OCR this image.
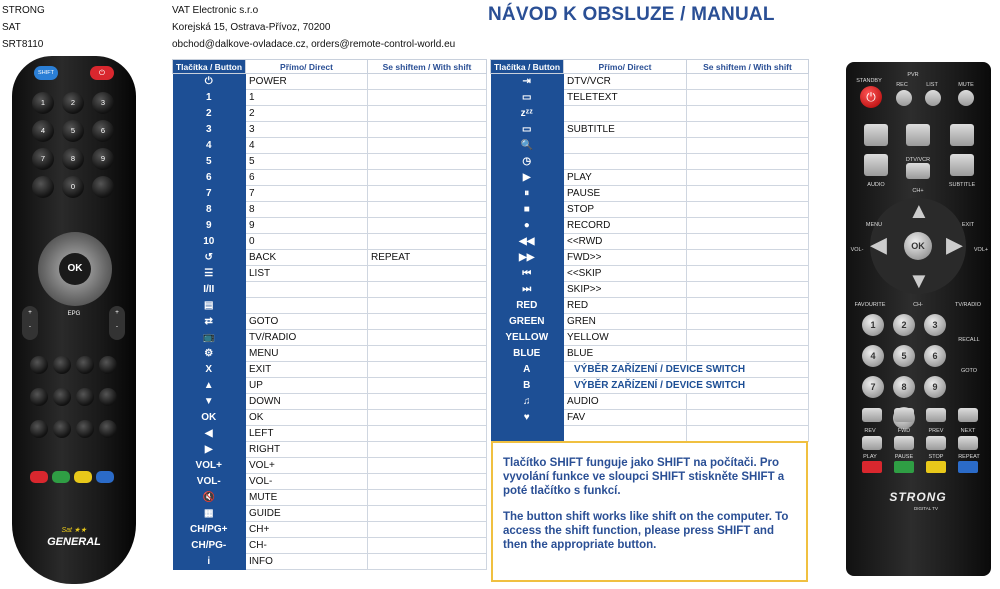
STRONG
SAT
SRT8110
VAT Electronic s.r.o
Korejská 15, Ostrava-Přívoz, 70200
obchod@dalkove-ovladace.cz, orders@remote-control-world.eu
NÁVOD K OBSLUZE / MANUAL
Tlačítka / Button	Přímo/ Direct	Se shiftem / With shift
⏻	POWER	
1	1	
2	2	
3	3	
4	4	
5	5	
6	6	
7	7	
8	8	
9	9	
10	0	
↺	BACK	REPEAT
☰	LIST	
I/II		
▤		
⇄	GOTO	
📺	TV/RADIO	
⚙	MENU	
X	EXIT	
▲	UP	
▼	DOWN	
OK	OK	
◀	LEFT	
▶	RIGHT	
VOL+	VOL+	
VOL-	VOL-	
🔇	MUTE	
▦	GUIDE	
CH/PG+	CH+	
CH/PG-	CH-	
i	INFO	
Tlačítka / Button	Přímo/ Direct	Se shiftem / With shift
⇥	DTV/VCR	
▭	TELETEXT	
zᶻᶻ		
▭	SUBTITLE	
🔍		
◷		
▶	PLAY	
⏸	PAUSE	
■	STOP	
●	RECORD	
◀◀	<<RWD	
▶▶	FWD>>	
⏮	<<SKIP	
⏭	SKIP>>	
RED	RED	
GREEN	GREN	
YELLOW	YELLOW	
BLUE	BLUE	
A	VÝBĚR ZAŘÍZENÍ / DEVICE SWITCH	
B	VÝBĚR ZAŘÍZENÍ / DEVICE SWITCH	
♫	AUDIO	
♥	FAV	

Tlačítko SHIFT funguje jako SHIFT na počítači. Pro vyvolání funkce ve sloupci SHIFT stiskněte SHIFT a poté tlačítko s funkcí.

The button shift works like shift on the computer. To access the shift function, please press SHIFT and then the appropriate button.

SHIFT	⏻
1	2	3
4	5	6
7	8	9
0
OK
+
-
+
-
EPG
Sat ★★
GENERAL
STANDBY
⏻
PVR
REC	LIST	MUTE
DTV/VCR
AUDIO	SUBTITLE
CH+
▲
▼
◀	▶
OK
MENU	EXIT
VOL-	VOL+
FAVOURITE	CH-	TV/RADIO
1	2	3
4	5	6
7	8	9
RECALL
GOTO
REV	FWD	PREV	NEXT
PLAY	PAUSE	STOP	REPEAT
STRONG
DIGITAL TV
